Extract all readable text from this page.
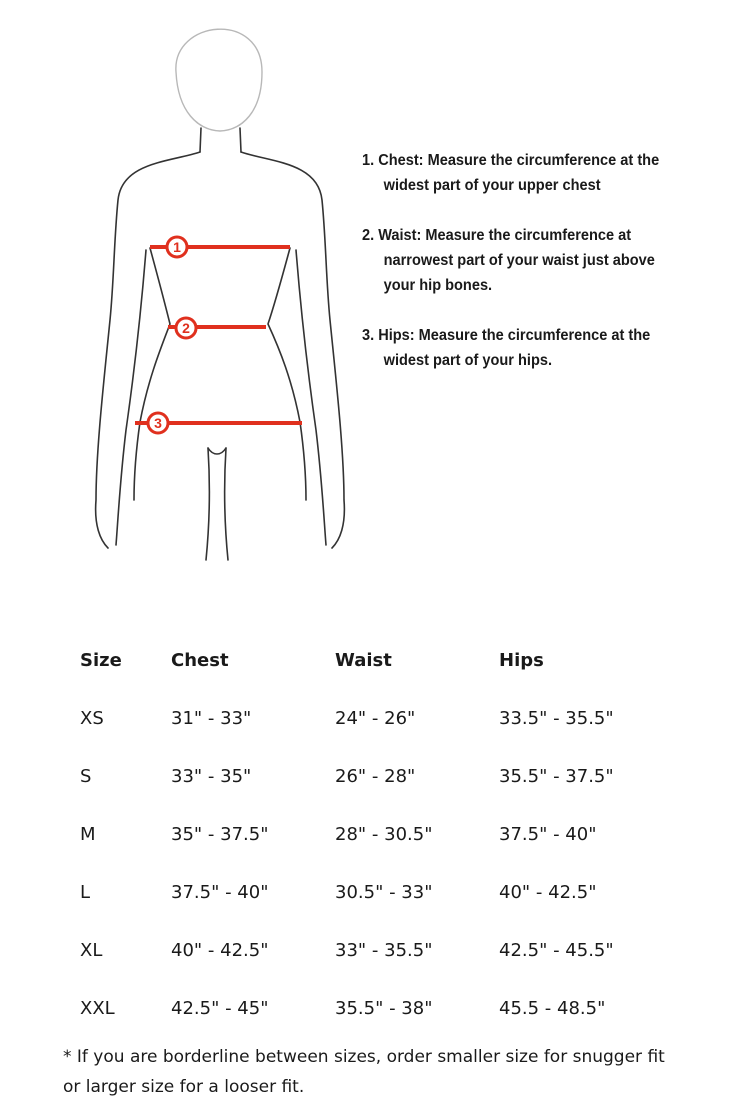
1
2
3
1. Chest: Measure the circumference at the widest part of your upper chest
2. Waist: Measure the circumference at narrowest part of your waist just above your hip bones.
3. Hips: Measure the circumference at the widest part of your hips.
Size	Chest	Waist	Hips
XS	31" - 33"	24" - 26"	33.5" - 35.5"
S	33" - 35"	26" - 28"	35.5" - 37.5"
M	35" - 37.5"	28" - 30.5"	37.5" - 40"
L	37.5" - 40"	30.5" - 33"	40" - 42.5"
XL	40" - 42.5"	33" - 35.5"	42.5" - 45.5"
XXL	42.5" - 45"	35.5" - 38"	45.5 - 48.5"
* If you are borderline between sizes, order smaller size for snugger fit or larger size for a looser fit.
